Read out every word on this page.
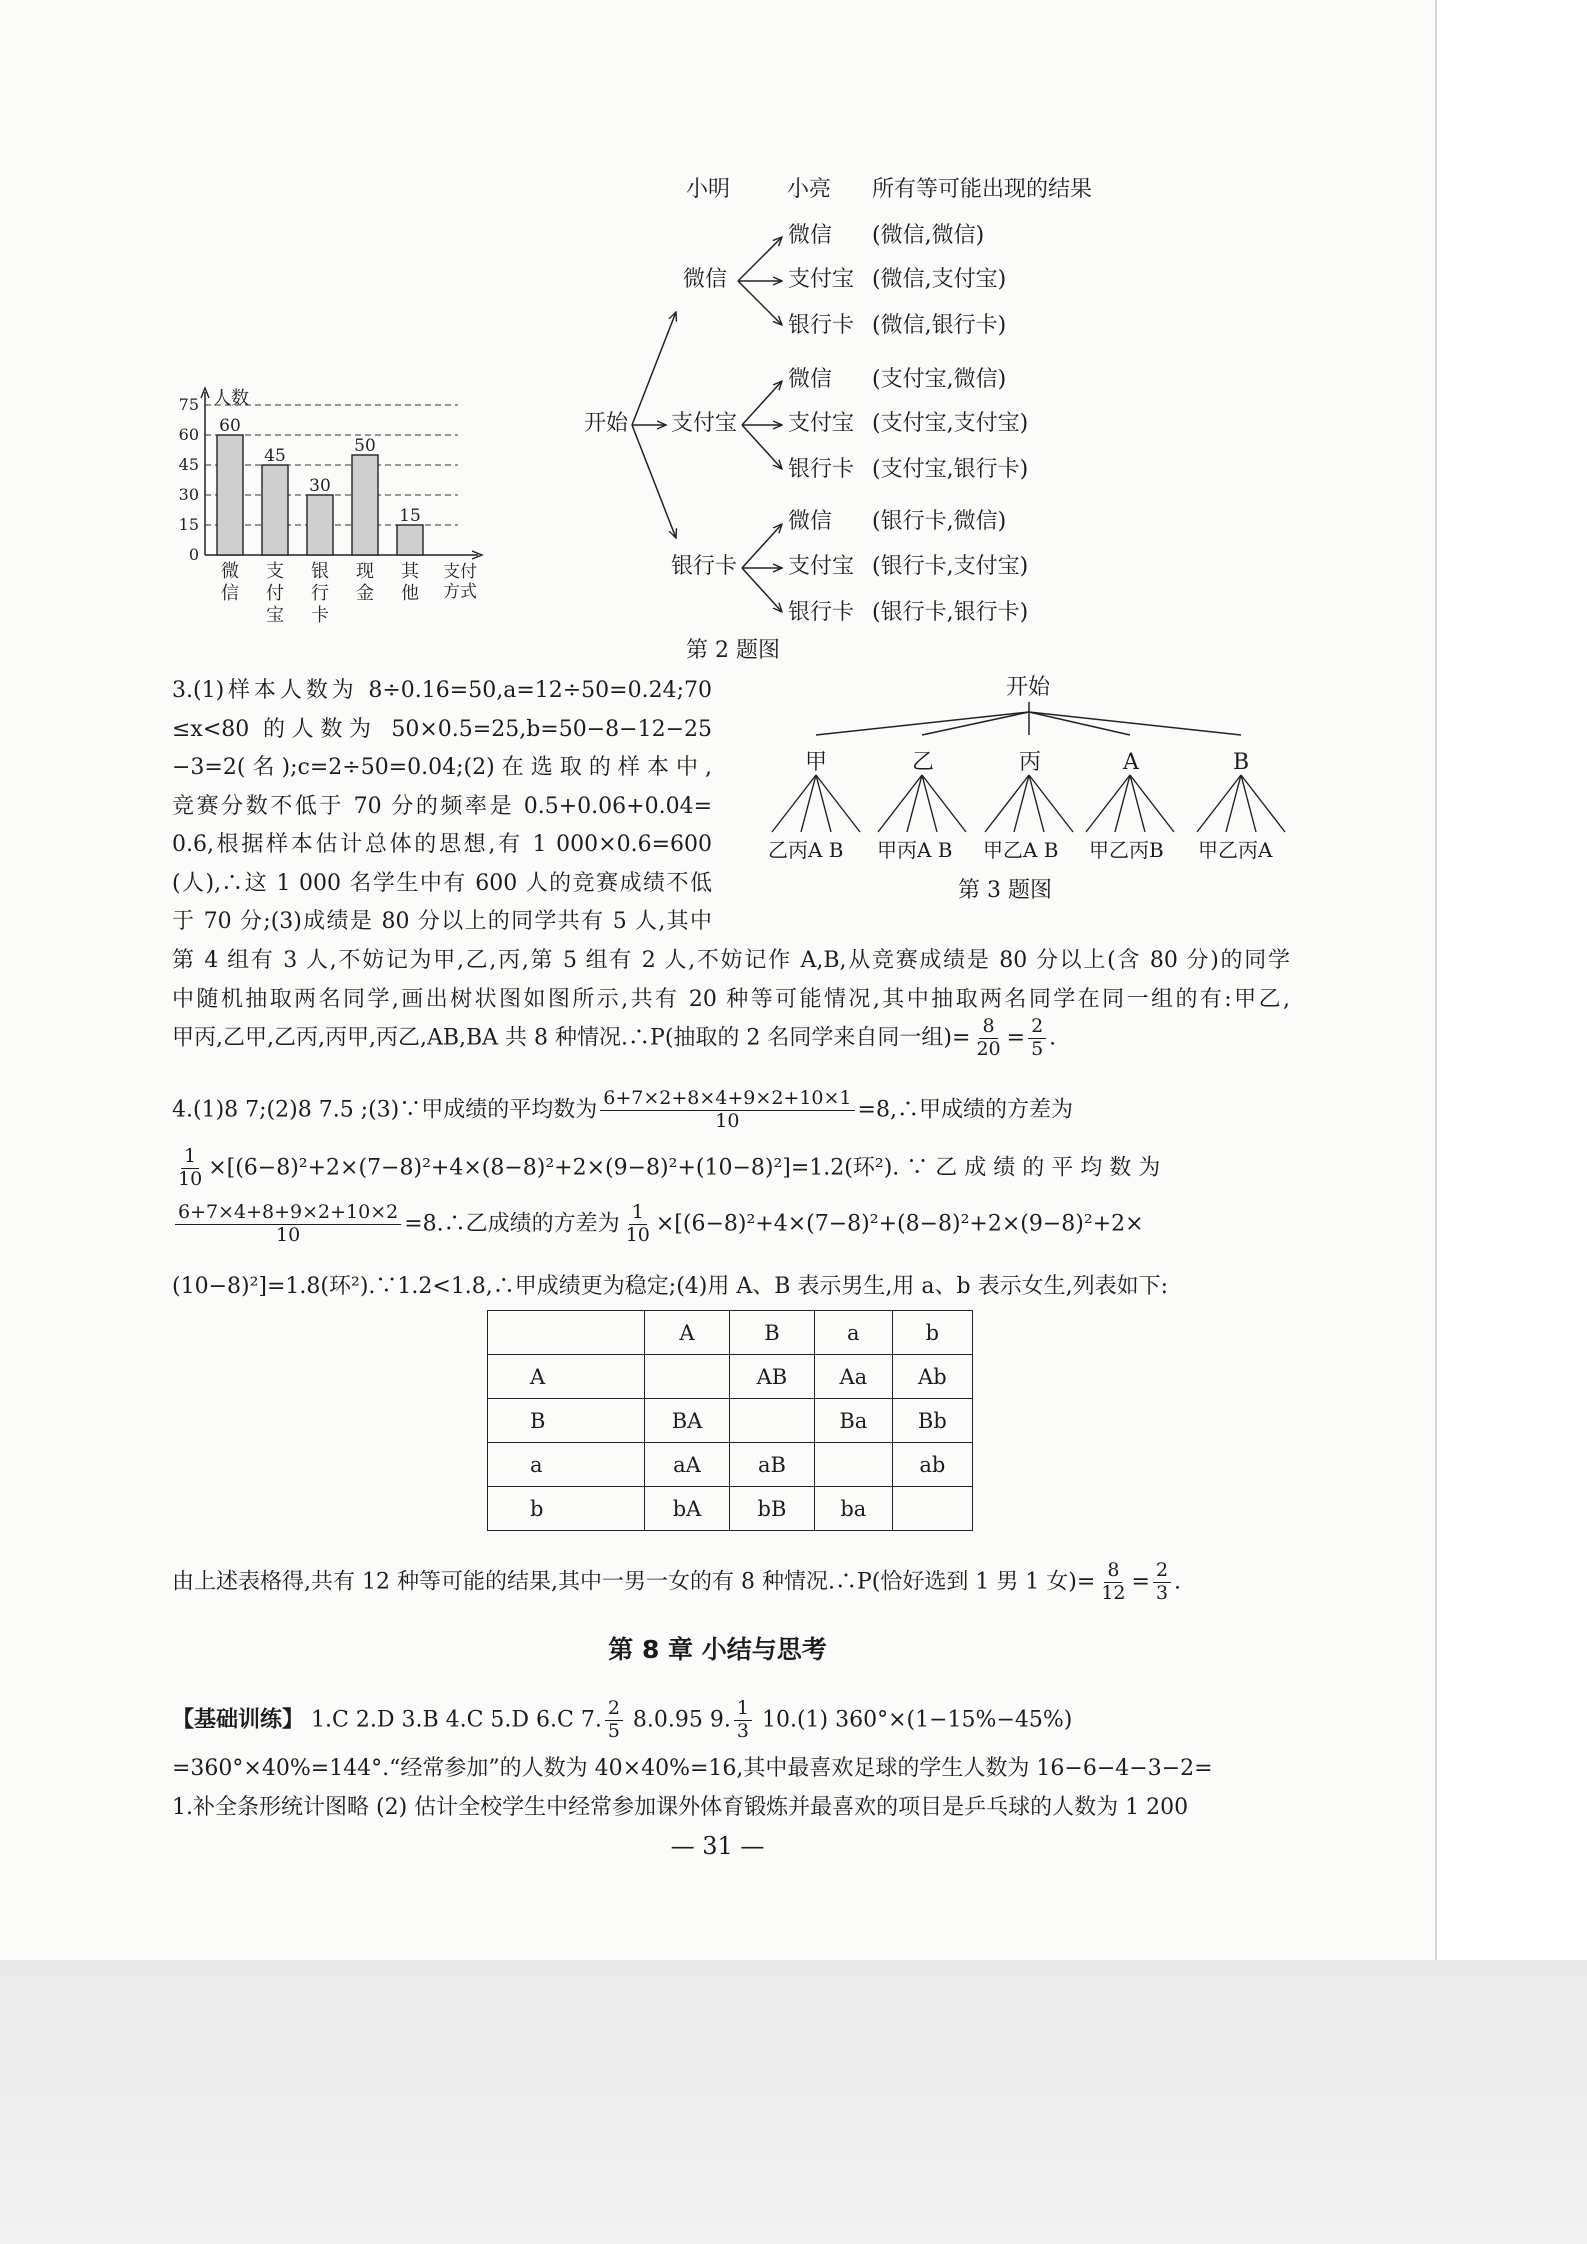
人数
75
60
45
30
15
0
60
微
信
45
支
付
宝
30
银
行
卡
50
现
金
15
其
他
支付
方式
小明	小亮 所有等可能出现的结果
开始
微信
支付宝
银行卡
微信
支付宝
银行卡
微信
支付宝
银行卡
微信
支付宝
银行卡
(微信,微信)
(微信,支付宝)
(微信,银行卡)
(支付宝,微信)
(支付宝,支付宝)
(支付宝,银行卡)
(银行卡,微信)
(银行卡,支付宝)
(银行卡,银行卡)
第 2 题图
3.(1)样本人数为 8÷0.16=50,a=12÷50=0.24;70
≤x<80 的人数为 50×0.5=25,b=50−8−12−25
−3=2(名);c=2÷50=0.04;(2)在选取的样本中,
竞赛分数不低于 70 分的频率是 0.5+0.06+0.04=
0.6,根据样本估计总体的思想,有 1 000×0.6=600
(人),∴这 1 000 名学生中有 600 人的竞赛成绩不低
于 70 分;(3)成绩是 80 分以上的同学共有 5 人,其中
第 4 组有 3 人,不妨记为甲,乙,丙,第 5 组有 2 人,不妨记作 A,B,从竞赛成绩是 80 分以上(含 80 分)的同学
中随机抽取两名同学,画出树状图如图所示,共有 20 种等可能情况,其中抽取两名同学在同一组的有:甲乙,
甲丙,乙甲,乙丙,丙甲,丙乙,AB,BA 共 8 种情况.∴P(抽取的 2 名同学来自同一组)= $\frac{8}{20} = \frac{2}{5}$ .
开始
甲	乙	丙	A	B
乙丙A B 甲丙A B 甲乙A B 甲乙丙B 甲乙丙A
第 3 题图
4.(1)8 7;(2)8 7.5 ;(3)∵甲成绩的平均数为 $\frac{6+7\times 2+8\times 4+9\times 2+10\times 1}{10}$ =8,∴甲成绩的方差为
$\frac{1}{10} \times[(6-8)^2+2\times(7-8)^2+4\times(8-8)^2+2\times(9-8)^2+(10-8)^2]=1.2$(环²). ∵ 乙 成 绩 的 平 均 数 为
$\frac{6+7\times 4+8+9\times 2+10\times 2}{10}$ =8.∴乙成绩的方差为 $\frac{1}{10} \times[(6-8)^2+4\times(7-8)^2+(8-8)^2+2\times(9-8)^2+2\times$
(10−8)²]=1.8(环²).∵1.2<1.8,∴甲成绩更为稳定;(4)用 A、B 表示男生,用 a、b 表示女生,列表如下:
	A	B	a	b
A		AB	Aa	Ab
B	BA		Ba	Bb
a	aA	aB		ab
b	bA	bB	ba	
由上述表格得,共有 12 种等可能的结果,其中一男一女的有 8 种情况.∴P(恰好选到 1 男 1 女)= $\frac{8}{12} = \frac{2}{3}$ .
第 8 章 小结与思考
【基础训练】 1.C 2.D 3.B 4.C 5.D 6.C 7. $\frac{2}{5} 8.0.95$ 9. $\frac{1}{3} 10.(1)$ 360°×(1−15%−45%)
=360°×40%=144°.“经常参加”的人数为 40×40%=16,其中最喜欢足球的学生人数为 16−6−4−3−2=
1.补全条形统计图略 (2) 估计全校学生中经常参加课外体育锻炼并最喜欢的项目是乒乓球的人数为 1 200
— 31 —
